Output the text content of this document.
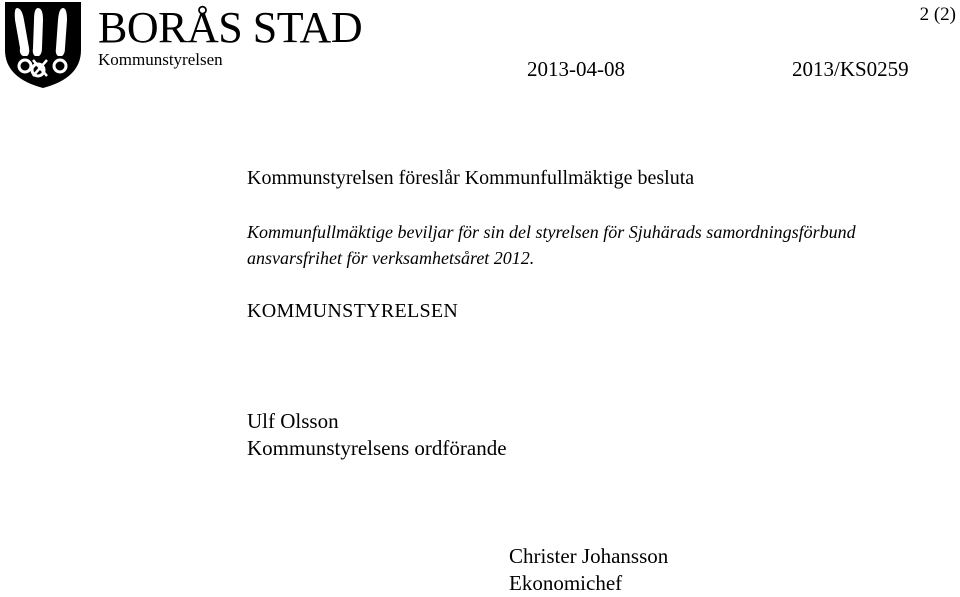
BORÅS STAD
Kommunstyrelsen
2 (2)
2013-04-08	2013/KS0259
Kommunstyrelsen föreslår Kommunfullmäktige besluta
Kommunfullmäktige beviljar för sin del styrelsen för Sjuhärads samordningsförbund
ansvarsfrihet för verksamhetsåret 2012.
KOMMUNSTYRELSEN
Ulf Olsson
Kommunstyrelsens ordförande
Christer Johansson
Ekonomichef
